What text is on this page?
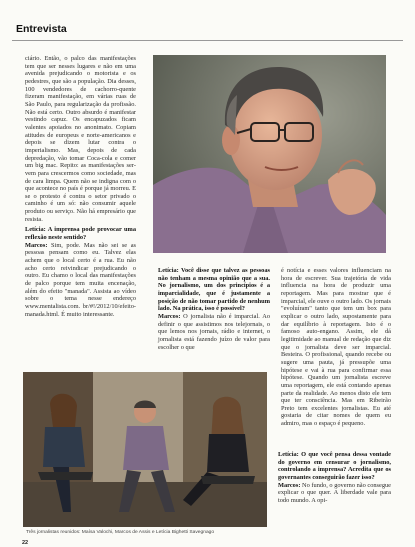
Entrevista

ciário. Então, o palco das manifestações tem que ser nesses lugares e não em uma avenida prejudicando o motorista e os pedestres, que são a população. Dia desses, 100 vendedores de cachorro-quente fizeram manifestação, em várias ruas de São Paulo, para regularização da profissão. Não está certo. Outro absurdo é manifestar vestindo capuz. Os encapuzados ficam valentes apoiados no anonimato. Copiam atitudes de europeus e norte-americanos e depois se dizem lutar contra o imperialismo. Mas, depois de cada depredação, vão tomar Coca-cola e comer um big mac. Repito: as manifestações servem para crescermos como sociedade, mas de cara limpa. Quem não se indigna com o que acontece no país é porque já morreu. E se o protesto é contra o setor privado o caminho é um só: não consumir aquele produto ou serviço. Não há empresário que resista.

Letícia: A imprensa pode provocar uma reflexão neste sentido?

Marcos: Sim, pode. Mas não sei se as pessoas pensam como eu. Talvez elas achem que o local certo é a rua. Eu não acho certo reivindicar prejudicando o outro. Eu chamo o local das manifestações de palco porque tem muita encenação, além do efeito "manada". Assista ao vídeo sobre o tema nesse endereço www.mentalista.com. br/#!/2012/10/efeito-manada.html. É muito interessante.

Letícia: Você disse que talvez as pessoas não tenham a mesma opinião que a sua. No jornalismo, um dos princípios é a imparcialidade, que é justamente a posição de não tomar partido de nenhum lado. Na prática, isso é possível?

Marcos: O jornalista não é imparcial. Ao definir o que assistimos nos telejornais, o que lemos nos jornais, rádio e internet, o jornalista está fazendo juízo de valor para escolher o que

é notícia e esses valores influenciam na hora de escrever. Sua trajetória de vida influencia na hora de produzir uma reportagem. Mas para mostrar que é imparcial, ele ouve o outro lado. Os jornais "evoluíram" tanto que tem um box para explicar o outro lado, supostamente para dar equilíbrio à reportagem. Isto é o famoso auto-engano. Assim, ele dá legitimidade ao manual de redação que diz que o jornalista deve ser imparcial. Besteira. O profissional, quando recebe ou sugere uma pauta, já pressupõe uma hipótese e vai à rua para confirmar essa hipótese. Quando um jornalista escreve uma reportagem, ele está contando apenas parte da realidade. Ao menos disto ele tem que ter consciência. Mas em Ribeirão Preto tem excelentes jornalistas. Eu até gostaria de citar nomes de quem eu admiro, mas o espaço é pequeno.

Letícia: O que você pensa dessa vontade do governo em censurar o jornalismo, controlando a imprensa? Acredita que os governantes conseguirão fazer isso?

Marcos: No fundo, o governo não consegue explicar o que quer. A liberdade vale para todo mundo. A opi-

Três jornalistas reunidos: Maísa Valochi, Marcos de Assis e Letícia Bighetti Savegnago
22
